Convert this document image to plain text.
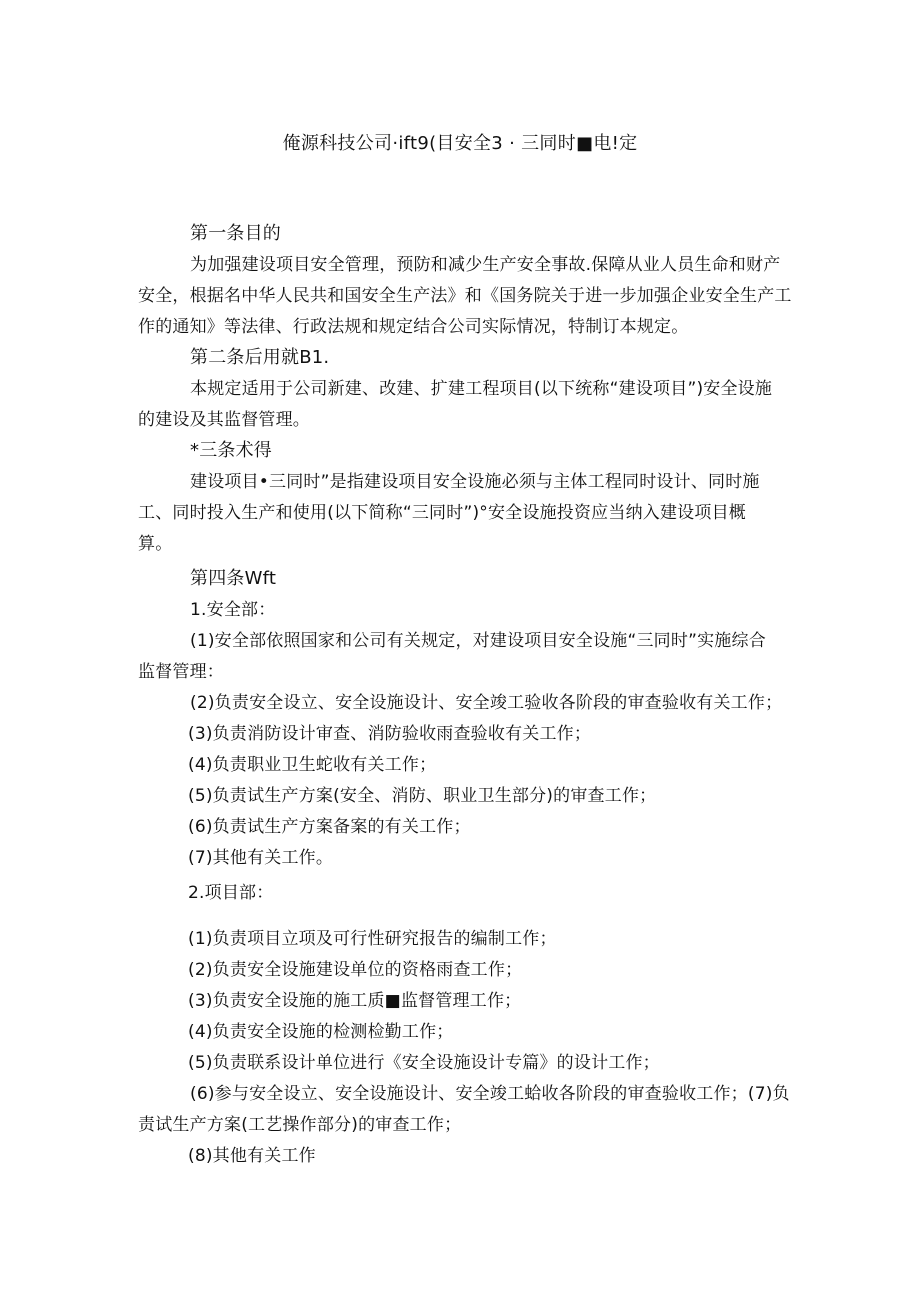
俺源科技公司·ift9(目安全3 · 三同时■电!定
第一条目的
为加强建设项目安全管理，预防和减少生产安全事故.保障从业人员生命和财产
安全，根据名中华人民共和国安全生产法》和《国务院关于进一步加强企业安全生产工
作的通知》等法律、行政法规和规定结合公司实际情况，特制订本规定。
第二条后用就B1.
本规定适用于公司新建、改建、扩建工程项目(以下统称“建设项目”)安全设施
的建设及其监督管理。
*三条术得
建设项目•三同时”是指建设项目安全设施必须与主体工程同时设计、同时施
工、同时投入生产和使用(以下简称“三同时”)°安全设施投资应当纳入建设项目概
算。
第四条Wft
1.安全部：
(1)安全部依照国家和公司有关规定，对建设项目安全设施“三同时”实施综合
监督管理：
(2)负责安全设立、安全设施设计、安全竣工验收各阶段的审查验收有关工作；
(3)负责消防设计审查、消防验收雨查验收有关工作；
(4)负责职业卫生蛇收有关工作；
(5)负责试生产方案(安全、消防、职业卫生部分)的审查工作；
(6)负责试生产方案备案的有关工作；
(7)其他有关工作。
2.项目部：
(1)负责项目立项及可行性研究报告的编制工作；
(2)负责安全设施建设单位的资格雨查工作；
(3)负责安全设施的施工质■监督管理工作；
(4)负责安全设施的检测检勤工作；
(5)负责联系设计单位进行《安全设施设计专篇》的设计工作；
(6)参与安全设立、安全设施设计、安全竣工蛤收各阶段的审查验收工作；(7)负
责试生产方案(工艺操作部分)的审查工作；
(8)其他有关工作
